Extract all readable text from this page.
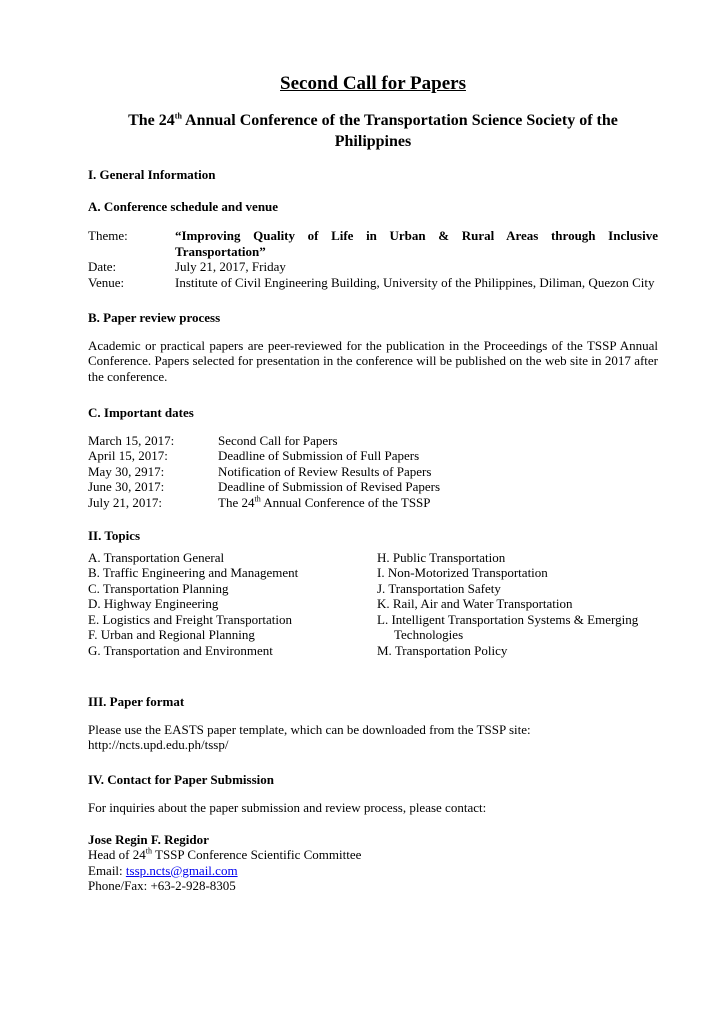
Second Call for Papers
The 24th Annual Conference of the Transportation Science Society of the Philippines
I. General Information
A. Conference schedule and venue
Theme:	“Improving Quality of Life in Urban & Rural Areas through Inclusive Transportation”
Date:	July 21, 2017, Friday
Venue:	Institute of Civil Engineering Building, University of the Philippines, Diliman, Quezon City
B. Paper review process
Academic or practical papers are peer-reviewed for the publication in the Proceedings of the TSSP Annual Conference. Papers selected for presentation in the conference will be published on the web site in 2017 after the conference.
C. Important dates
March 15, 2017:	Second Call for Papers
April 15, 2017:	Deadline of Submission of Full Papers
May 30, 2917:	Notification of Review Results of Papers
June 30, 2017:	Deadline of Submission of Revised Papers
July 21, 2017:	The 24th Annual Conference of the TSSP
II. Topics
A. Transportation General
B. Traffic Engineering and Management
C. Transportation Planning
D. Highway Engineering
E. Logistics and Freight Transportation
F. Urban and Regional Planning
G. Transportation and Environment
H. Public Transportation
I. Non-Motorized Transportation
J. Transportation Safety
K. Rail, Air and Water Transportation
L. Intelligent Transportation Systems & Emerging Technologies
M. Transportation Policy
III. Paper format
Please use the EASTS paper template, which can be downloaded from the TSSP site:
http://ncts.upd.edu.ph/tssp/
IV. Contact for Paper Submission
For inquiries about the paper submission and review process, please contact:
Jose Regin F. Regidor
Head of 24th TSSP Conference Scientific Committee
Email: tssp.ncts@gmail.com
Phone/Fax: +63-2-928-8305
